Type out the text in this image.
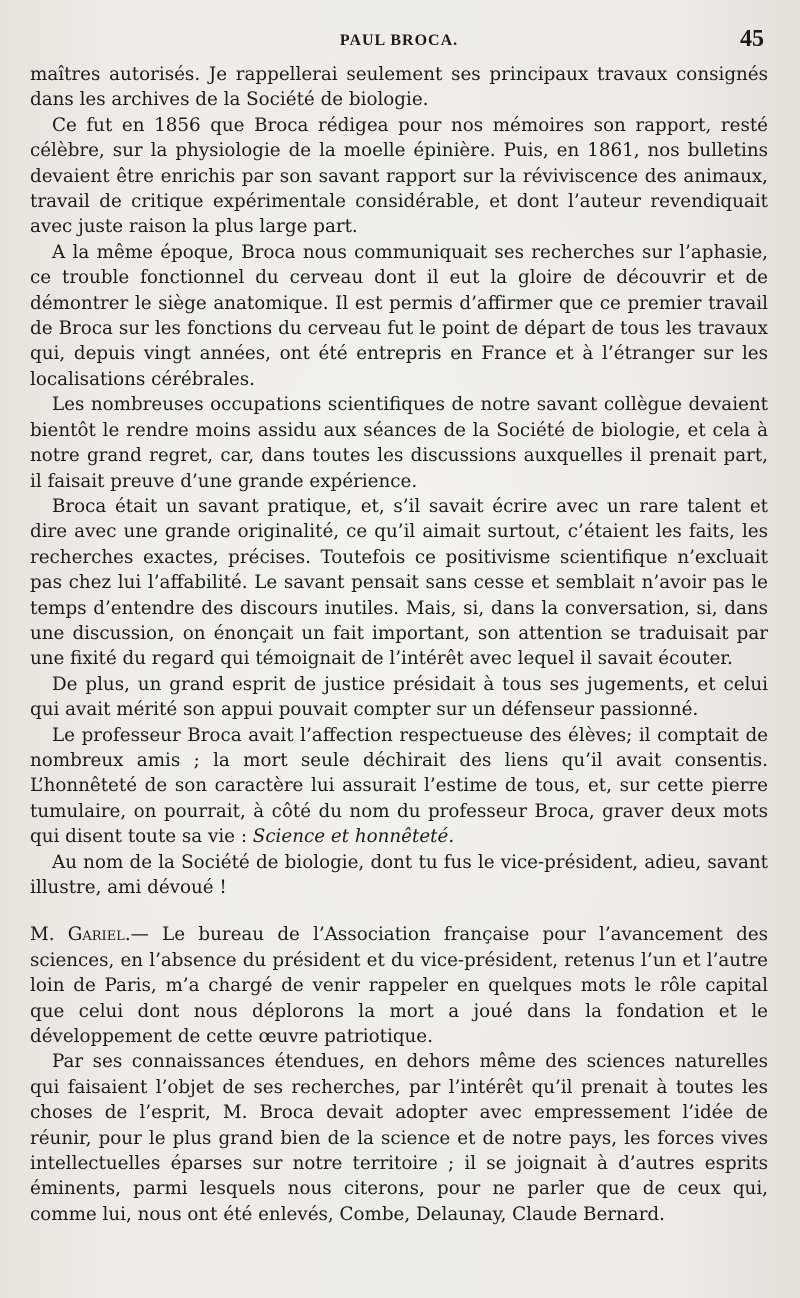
PAUL BROCA.	45

maîtres autorisés. Je rappellerai seulement ses principaux travaux consignés dans les archives de la Société de biologie.

Ce fut en 1856 que Broca rédigea pour nos mémoires son rapport, resté célèbre, sur la physiologie de la moelle épinière. Puis, en 1861, nos bulletins devaient être enrichis par son savant rapport sur la réviviscence des animaux, travail de critique expérimentale considérable, et dont l’auteur revendiquait avec juste raison la plus large part.

A la même époque, Broca nous communiquait ses recherches sur l’aphasie, ce trouble fonctionnel du cerveau dont il eut la gloire de découvrir et de démontrer le siège anatomique. Il est permis d’affirmer que ce premier travail de Broca sur les fonctions du cerveau fut le point de départ de tous les travaux qui, depuis vingt années, ont été entrepris en France et à l’étranger sur les localisations cérébrales.

Les nombreuses occupations scientifiques de notre savant collègue devaient bientôt le rendre moins assidu aux séances de la Société de biologie, et cela à notre grand regret, car, dans toutes les discussions auxquelles il prenait part, il faisait preuve d’une grande expérience.

Broca était un savant pratique, et, s’il savait écrire avec un rare talent et dire avec une grande originalité, ce qu’il aimait surtout, c’étaient les faits, les recherches exactes, précises. Toutefois ce positivisme scientifique n’excluait pas chez lui l’affabilité. Le savant pensait sans cesse et semblait n’avoir pas le temps d’entendre des discours inutiles. Mais, si, dans la conversation, si, dans une discussion, on énonçait un fait important, son attention se traduisait par une fixité du regard qui témoignait de l’intérêt avec lequel il savait écouter.

De plus, un grand esprit de justice présidait à tous ses jugements, et celui qui avait mérité son appui pouvait compter sur un défenseur passionné.

Le professeur Broca avait l’affection respectueuse des élèves; il comptait de nombreux amis ; la mort seule déchirait des liens qu’il avait consentis. L’honnêteté de son caractère lui assurait l’estime de tous, et, sur cette pierre tumulaire, on pourrait, à côté du nom du professeur Broca, graver deux mots qui disent toute sa vie : Science et honnêteté.

Au nom de la Société de biologie, dont tu fus le vice-président, adieu, savant illustre, ami dévoué !

M. Gariel.— Le bureau de l’Association française pour l’avancement des sciences, en l’absence du président et du vice-président, retenus l’un et l’autre loin de Paris, m’a chargé de venir rappeler en quelques mots le rôle capital que celui dont nous déplorons la mort a joué dans la fondation et le développement de cette œuvre patriotique.

Par ses connaissances étendues, en dehors même des sciences naturelles qui faisaient l’objet de ses recherches, par l’intérêt qu’il prenait à toutes les choses de l’esprit, M. Broca devait adopter avec empressement l’idée de réunir, pour le plus grand bien de la science et de notre pays, les forces vives intellectuelles éparses sur notre territoire ; il se joignait à d’autres esprits éminents, parmi lesquels nous citerons, pour ne parler que de ceux qui, comme lui, nous ont été enlevés, Combe, Delaunay, Claude Bernard.
